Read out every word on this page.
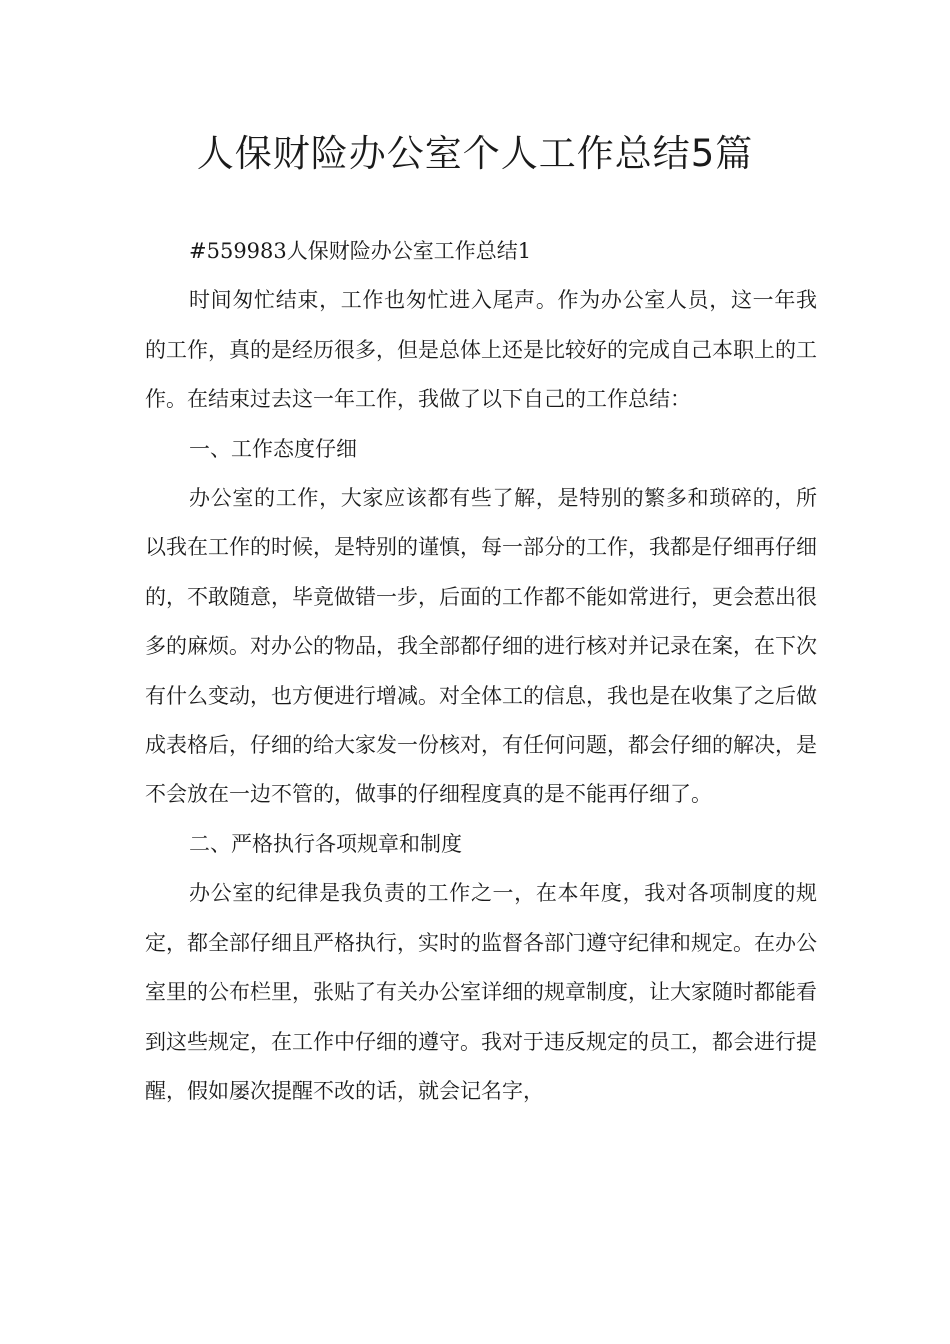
人保财险办公室个人工作总结5篇

#559983人保财险办公室工作总结1

时间匆忙结束，工作也匆忙进入尾声。作为办公室人员，这一年我的工作，真的是经历很多，但是总体上还是比较好的完成自己本职上的工作。在结束过去这一年工作，我做了以下自己的工作总结：

一、工作态度仔细

办公室的工作，大家应该都有些了解，是特别的繁多和琐碎的，所以我在工作的时候，是特别的谨慎，每一部分的工作，我都是仔细再仔细的，不敢随意，毕竟做错一步，后面的工作都不能如常进行，更会惹出很多的麻烦。对办公的物品，我全部都仔细的进行核对并记录在案，在下次有什么变动，也方便进行增减。对全体工的信息，我也是在收集了之后做成表格后，仔细的给大家发一份核对，有任何问题，都会仔细的解决，是不会放在一边不管的，做事的仔细程度真的是不能再仔细了。

二、严格执行各项规章和制度

办公室的纪律是我负责的工作之一，在本年度，我对各项制度的规定，都全部仔细且严格执行，实时的监督各部门遵守纪律和规定。在办公室里的公布栏里，张贴了有关办公室详细的规章制度，让大家随时都能看到这些规定，在工作中仔细的遵守。我对于违反规定的员工，都会进行提醒，假如屡次提醒不改的话，就会记名字，
